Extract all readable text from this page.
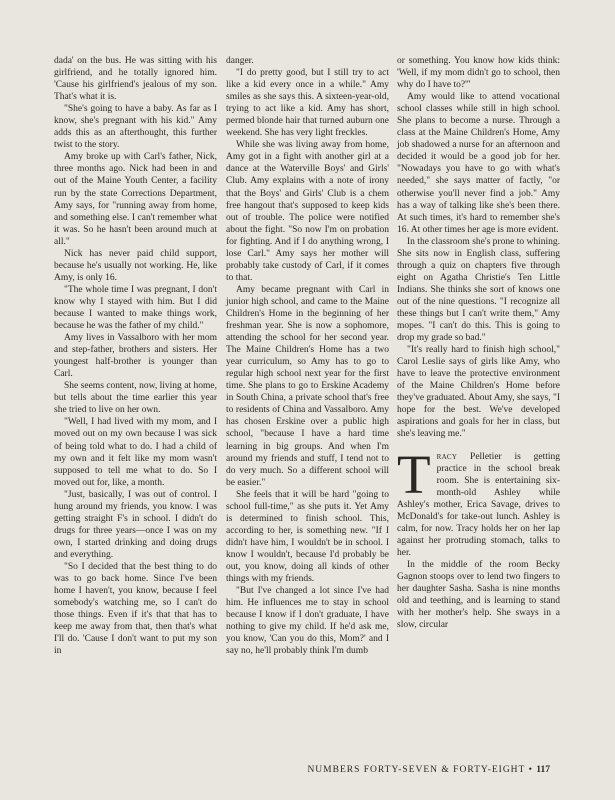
dada' on the bus. He was sitting with his girlfriend, and he totally ignored him. 'Cause his girlfriend's jealous of my son. That's what it is.

"She's going to have a baby. As far as I know, she's pregnant with his kid." Amy adds this as an afterthought, this further twist to the story.

Amy broke up with Carl's father, Nick, three months ago. Nick had been in and out of the Maine Youth Center, a facility run by the state Corrections Department, Amy says, for "running away from home, and something else. I can't remember what it was. So he hasn't been around much at all."

Nick has never paid child support, because he's usually not working. He, like Amy, is only 16.

"The whole time I was pregnant, I don't know why I stayed with him. But I did because I wanted to make things work, because he was the father of my child."

Amy lives in Vassalboro with her mom and step-father, brothers and sisters. Her youngest half-brother is younger than Carl.

She seems content, now, living at home, but tells about the time earlier this year she tried to live on her own.

"Well, I had lived with my mom, and I moved out on my own because I was sick of being told what to do. I had a child of my own and it felt like my mom wasn't supposed to tell me what to do. So I moved out for, like, a month.

"Just, basically, I was out of control. I hung around my friends, you know. I was getting straight F's in school. I didn't do drugs for three years—once I was on my own, I started drinking and doing drugs and everything.

"So I decided that the best thing to do was to go back home. Since I've been home I haven't, you know, because I feel somebody's watching me, so I can't do those things. Even if it's that that has to keep me away from that, then that's what I'll do. 'Cause I don't want to put my son in

danger.

"I do pretty good, but I still try to act like a kid every once in a while." Amy smiles as she says this. A sixteen-year-old, trying to act like a kid. Amy has short, permed blonde hair that turned auburn one weekend. She has very light freckles.

While she was living away from home, Amy got in a fight with another girl at a dance at the Waterville Boys' and Girls' Club. Amy explains with a note of irony that the Boys' and Girls' Club is a chem free hangout that's supposed to keep kids out of trouble. The police were notified about the fight. "So now I'm on probation for fighting. And if I do anything wrong, I lose Carl." Amy says her mother will probably take custody of Carl, if it comes to that.

Amy became pregnant with Carl in junior high school, and came to the Maine Children's Home in the beginning of her freshman year. She is now a sophomore, attending the school for her second year. The Maine Children's Home has a two year curriculum, so Amy has to go to regular high school next year for the first time. She plans to go to Erskine Academy in South China, a private school that's free to residents of China and Vassalboro. Amy has chosen Erskine over a public high school, "because I have a hard time learning in big groups. And when I'm around my friends and stuff, I tend not to do very much. So a different school will be easier."

She feels that it will be hard "going to school full-time," as she puts it. Yet Amy is determined to finish school. This, according to her, is something new. "If I didn't have him, I wouldn't be in school. I know I wouldn't, because I'd probably be out, you know, doing all kinds of other things with my friends.

"But I've changed a lot since I've had him. He influences me to stay in school because I know if I don't graduate, I have nothing to give my child. If he'd ask me, you know, 'Can you do this, Mom?' and I say no, he'll probably think I'm dumb

or something. You know how kids think: 'Well, if my mom didn't go to school, then why do I have to?'"

Amy would like to attend vocational school classes while still in high school. She plans to become a nurse. Through a class at the Maine Children's Home, Amy job shadowed a nurse for an afternoon and decided it would be a good job for her. "Nowadays you have to go with what's needed," she says matter of factly, "or otherwise you'll never find a job." Amy has a way of talking like she's been there. At such times, it's hard to remember she's 16. At other times her age is more evident.

In the classroom she's prone to whining. She sits now in English class, suffering through a quiz on chapters five through eight on Agatha Christie's Ten Little Indians. She thinks she sort of knows one out of the nine questions. "I recognize all these things but I can't write them," Amy mopes. "I can't do this. This is going to drop my grade so bad."

"It's really hard to finish high school," Carol Leslie says of girls like Amy, who have to leave the protective environment of the Maine Children's Home before they've graduated. About Amy, she says, "I hope for the best. We've developed aspirations and goals for her in class, but she's leaving me."

Tracy Pelletier is getting practice in the school break room. She is entertaining six-month-old Ashley while Ashley's mother, Erica Savage, drives to McDonald's for take-out lunch. Ashley is calm, for now. Tracy holds her on her lap against her protruding stomach, talks to her.

In the middle of the room Becky Gagnon stoops over to lend two fingers to her daughter Sasha. Sasha is nine months old and teething, and is learning to stand with her mother's help. She sways in a slow, circular

NUMBERS FORTY-SEVEN & FORTY-EIGHT • 117
